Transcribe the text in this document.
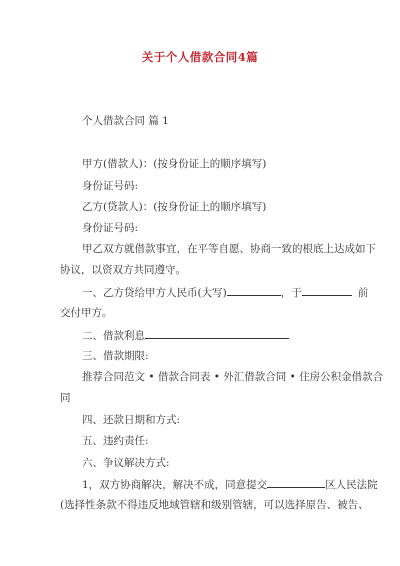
关于个人借款合同4篇
个人借款合同 篇 1
甲方(借款人)：(按身份证上的顺序填写)
身份证号码:
乙方(贷款人)：(按身份证上的顺序填写)
身份证号码:
甲乙双方就借款事宜，在平等自愿、协商一致的根底上达成如下
协议，以资双方共同遵守。
一、乙方贷给甲方人民币(大写)	，于	前
交付甲方。
二、借款利息
三、借款期限:
推荐合同范文 • 借款合同表 • 外汇借款合同 • 住房公积金借款合
同
四、还款日期和方式:
五、违约责任:
六、争议解决方式:
1，双方协商解决，解决不成，同意提交	区人民法院
(选择性条款不得违反地域管辖和级别管辖，可以选择原告、被告、
